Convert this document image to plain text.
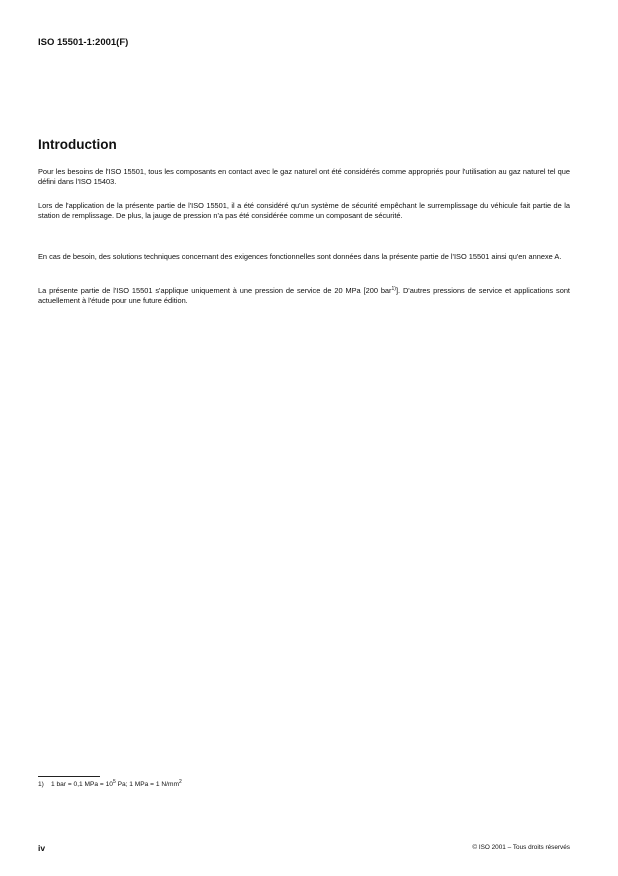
ISO 15501-1:2001(F)
Introduction

Pour les besoins de l'ISO 15501, tous les composants en contact avec le gaz naturel ont été considérés comme appropriés pour l'utilisation au gaz naturel tel que défini dans l'ISO 15403.

Lors de l'application de la présente partie de l'ISO 15501, il a été considéré qu'un système de sécurité empêchant le surremplissage du véhicule fait partie de la station de remplissage. De plus, la jauge de pression n'a pas été considérée comme un composant de sécurité.

En cas de besoin, des solutions techniques concernant des exigences fonctionnelles sont données dans la présente partie de l'ISO 15501 ainsi qu'en annexe A.

La présente partie de l'ISO 15501 s'applique uniquement à une pression de service de 20 MPa [200 bar$^{1)}$]. D'autres pressions de service et applications sont actuellement à l'étude pour une future édition.

1) 1 bar = 0,1 MPa = $10^5$ Pa; 1 MPa = 1 $N/mm^2$
iv	© ISO 2001 – Tous droits réservés
